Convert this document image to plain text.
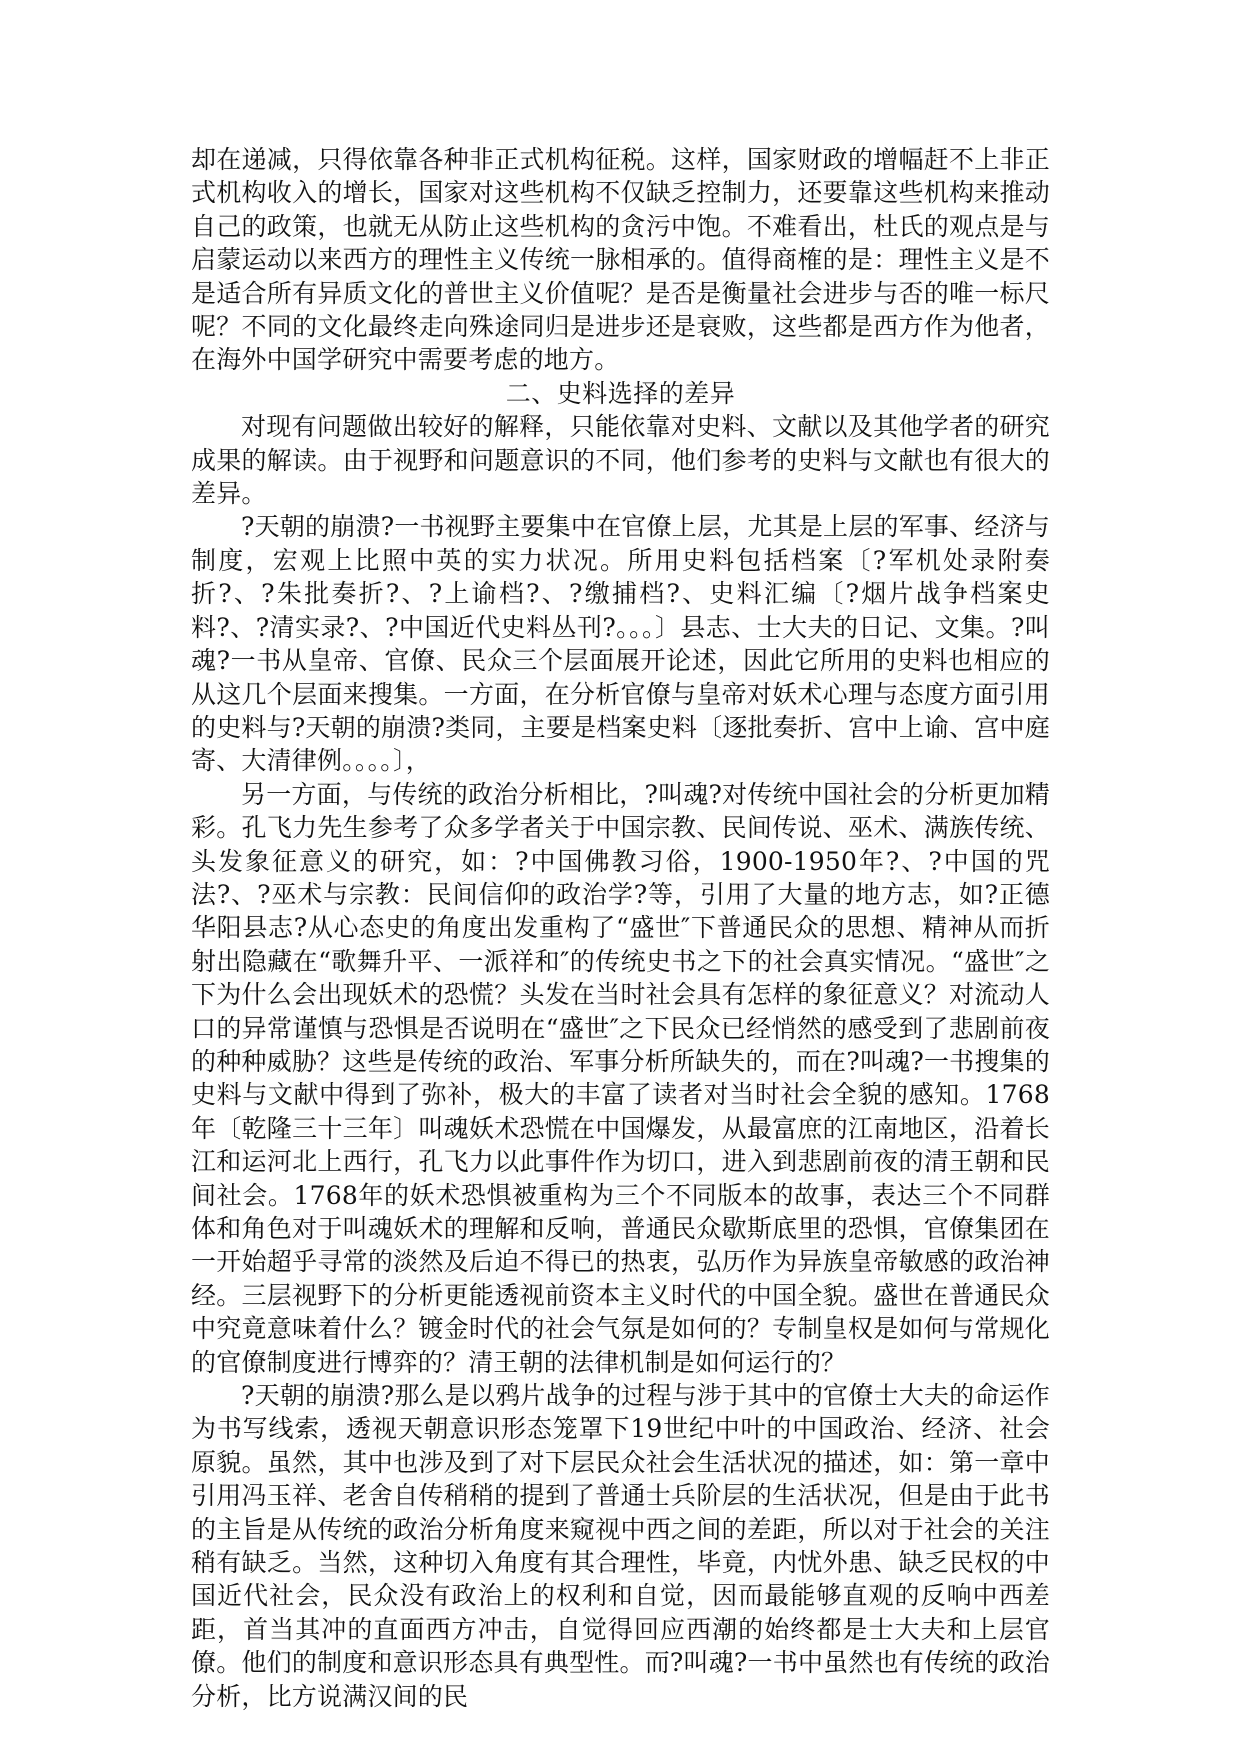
却在递减，只得依靠各种非正式机构征税。这样，国家财政的增幅赶不上非正式机构收入的增长，国家对这些机构不仅缺乏控制力，还要靠这些机构来推动自己的政策，也就无从防止这些机构的贪污中饱。不难看出，杜氏的观点是与启蒙运动以来西方的理性主义传统一脉相承的。值得商榷的是：理性主义是不是适合所有异质文化的普世主义价值呢？是否是衡量社会进步与否的唯一标尺呢？不同的文化最终走向殊途同归是进步还是衰败，这些都是西方作为他者，在海外中国学研究中需要考虑的地方。

二、史料选择的差异

对现有问题做出较好的解释，只能依靠对史料、文献以及其他学者的研究成果的解读。由于视野和问题意识的不同，他们参考的史料与文献也有很大的差异。

?天朝的崩溃?一书视野主要集中在官僚上层，尤其是上层的军事、经济与制度，宏观上比照中英的实力状况。所用史料包括档案〔?军机处录附奏折?、?朱批奏折?、?上谕档?、?缴捕档?、史料汇编〔?烟片战争档案史料?、?清实录?、?中国近代史料丛刊?。。。〕县志、士大夫的日记、文集。?叫魂?一书从皇帝、官僚、民众三个层面展开论述，因此它所用的史料也相应的从这几个层面来搜集。一方面，在分析官僚与皇帝对妖术心理与态度方面引用的史料与?天朝的崩溃?类同，主要是档案史料〔逐批奏折、宫中上谕、宫中庭寄、大清律例。。。。〕，

另一方面，与传统的政治分析相比，?叫魂?对传统中国社会的分析更加精彩。孔飞力先生参考了众多学者关于中国宗教、民间传说、巫术、满族传统、头发象征意义的研究，如：?中国佛教习俗，1900-1950年?、?中国的咒法?、?巫术与宗教：民间信仰的政治学?等，引用了大量的地方志，如?正德华阳县志?从心态史的角度出发重构了“盛世″下普通民众的思想、精神从而折射出隐藏在“歌舞升平、一派祥和″的传统史书之下的社会真实情况。“盛世″之下为什么会出现妖术的恐慌？头发在当时社会具有怎样的象征意义？对流动人口的异常谨慎与恐惧是否说明在“盛世″之下民众已经悄然的感受到了悲剧前夜的种种威胁？这些是传统的政治、军事分析所缺失的，而在?叫魂?一书搜集的史料与文献中得到了弥补，极大的丰富了读者对当时社会全貌的感知。1768年〔乾隆三十三年〕叫魂妖术恐慌在中国爆发，从最富庶的江南地区，沿着长江和运河北上西行，孔飞力以此事件作为切口，进入到悲剧前夜的清王朝和民间社会。1768年的妖术恐惧被重构为三个不同版本的故事，表达三个不同群体和角色对于叫魂妖术的理解和反响，普通民众歇斯底里的恐惧，官僚集团在一开始超乎寻常的淡然及后迫不得已的热衷，弘历作为异族皇帝敏感的政治神经。三层视野下的分析更能透视前资本主义时代的中国全貌。盛世在普通民众中究竟意味着什么？镀金时代的社会气氛是如何的？专制皇权是如何与常规化的官僚制度进行博弈的？清王朝的法律机制是如何运行的？

?天朝的崩溃?那么是以鸦片战争的过程与涉于其中的官僚士大夫的命运作为书写线索，透视天朝意识形态笼罩下19世纪中叶的中国政治、经济、社会原貌。虽然，其中也涉及到了对下层民众社会生活状况的描述，如：第一章中引用冯玉祥、老舍自传稍稍的提到了普通士兵阶层的生活状况，但是由于此书的主旨是从传统的政治分析角度来窥视中西之间的差距，所以对于社会的关注稍有缺乏。当然，这种切入角度有其合理性，毕竟，内忧外患、缺乏民权的中国近代社会，民众没有政治上的权利和自觉，因而最能够直观的反响中西差距，首当其冲的直面西方冲击，自觉得回应西潮的始终都是士大夫和上层官僚。他们的制度和意识形态具有典型性。而?叫魂?一书中虽然也有传统的政治分析，比方说满汉间的民
